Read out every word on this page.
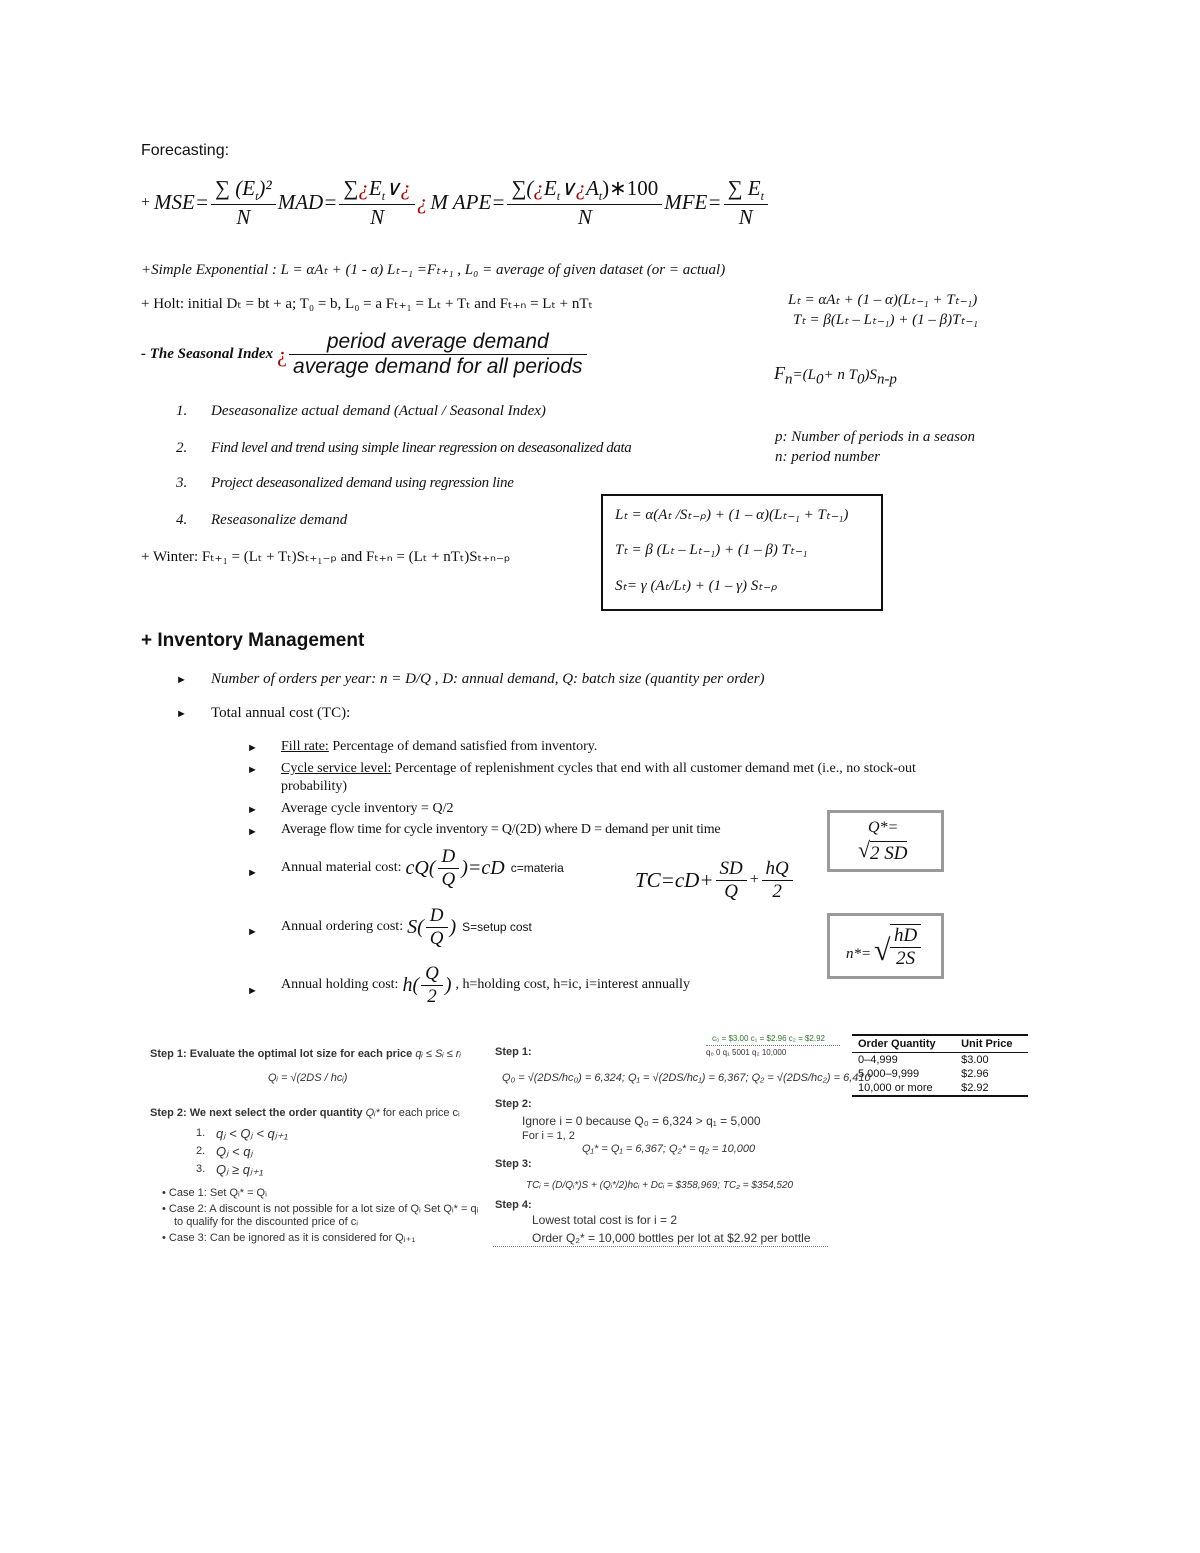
Forecasting:
+ $MSE= \frac{\sum (E_t)^2}{N} MAD= \frac{\sum¿E_t\vee¿}{N}$ ¿ M $APE= \frac{\sum(¿E_t\vee¿A_t)∗100}{N} MFE= \frac{\sum E_t}{N}$
+Simple Exponential : L = αAₜ + (1 - α) Lₜ₋₁ =Fₜ₊₁ , L₀ = average of given dataset (or = actual)
+ Holt: initial Dₜ = bt + a; T₀ = b, L₀ = a Fₜ₊₁ = Lₜ + Tₜ and Fₜ₊ₙ = Lₜ + nTₜ	Lₜ = αAₜ + (1 – α)(Lₜ₋₁ + Tₜ₋₁)
Tₜ = β(Lₜ – Lₜ₋₁) + (1 – β)Tₜ₋₁
- The Seasonal Index ¿ $\frac{\text{period average demand}}{\text{average demand for all periods}}$	$F_n=(L_0+ n$ $T_0)S_{n-p}$
1. Deseasonalize actual demand (Actual / Seasonal Index)
2. Find level and trend using simple linear regression on deseasonalized data
3. Project deseasonalized demand using regression line
4. Reseasonalize demand
p: Number of periods in a season
n: period number
+ Winter: Fₜ₊₁ = (Lₜ + Tₜ)Sₜ₊₁₋ₚ and Fₜ₊ₙ = (Lₜ + nTₜ)Sₜ₊ₙ₋ₚ
Lₜ = α(Aₜ /Sₜ₋ₚ) + (1 – α)(Lₜ₋₁ + Tₜ₋₁)
Tₜ = β (Lₜ – Lₜ₋₁) + (1 – β) Tₜ₋₁
Sₜ= γ (Aₜ/Lₜ) + (1 – γ) Sₜ₋ₚ
+ Inventory Management
► Number of orders per year: n = D/Q , D: annual demand, Q: batch size (quantity per order)
► Total annual cost (TC):
► Fill rate: Percentage of demand satisfied from inventory.
► Cycle service level: Percentage of replenishment cycles that end with all customer demand met (i.e., no stock-out
probability)
► Average cycle inventory = Q/2
► Average flow time for cycle inventory = Q/(2D) where D = demand per unit time
► Annual material cost: $cQ( \frac{D}{Q} )=cD$ c=materia	$TC=cD+ \frac{SD}{Q} + \frac{hQ}{2}$
Q*=
√ 2 SD
► Annual ordering cost: $S( \frac{D}{Q}$ ) S=setup cost
n*= √ $\frac{hD}{2S}$
► Annual holding cost: $h( \frac{Q}{2}$ ) , h=holding cost, h=ic, i=interest annually
Step 1: Evaluate the optimal lot size for each price qᵢ ≤ Sᵢ ≤ rᵢ
Qᵢ = √(2DS / hcᵢ)
Step 2: We next select the order quantity Qᵢ* for each price cᵢ
1. qⱼ < Qⱼ < qⱼ₊₁
2. Qⱼ < qⱼ
3. Qⱼ ≥ qⱼ₊₁
• Case 1: Set Qᵢ* = Qᵢ
• Case 2: A discount is not possible for a lot size of Qᵢ Set Qᵢ* = qᵢ
to qualify for the discounted price of cᵢ
• Case 3: Can be ignored as it is considered for Qⱼ₊₁
c₀ = $3.00 c₁ = $2.96 c₂ = $2.92
q₀ 0 q₁ 5001 q₂ 10,000
Step 1:
Q₀ = √(2DS/hc₀) = 6,324; Q₁ = √(2DS/hc₁) = 6,367; Q₂ = √(2DS/hc₂) = 6,410
Step 2:
Ignore i = 0 because Q₀ = 6,324 > q₁ = 5,000
For i = 1, 2
Q₁* = Q₁ = 6,367; Q₂* = q₂ = 10,000
Step 3:
TCᵢ = (D/Qᵢ*)S + (Qᵢ*/2)hcᵢ + Dcᵢ = $358,969; TC₂ = $354,520
Step 4:
Lowest total cost is for i = 2
Order Q₂* = 10,000 bottles per lot at $2.92 per bottle
Order Quantity	Unit Price
0–4,999	$3.00
5,000–9,999	$2.96
10,000 or more	$2.92
